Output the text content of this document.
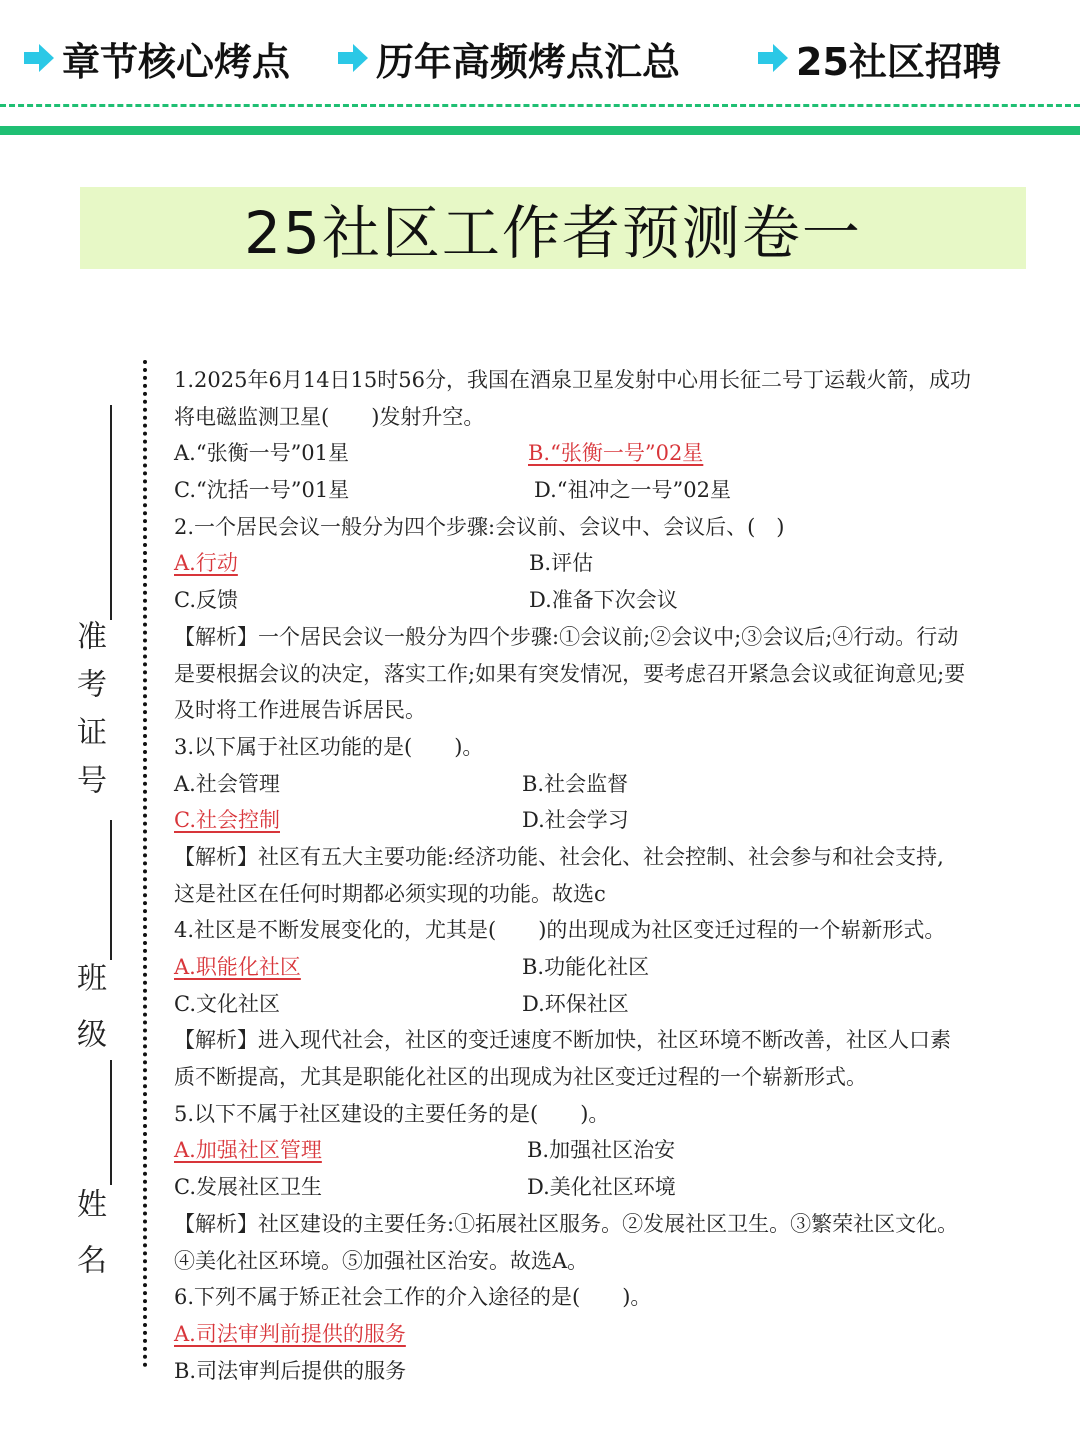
章节核心烤点 历年高频烤点汇总	25社区招聘
25社区工作者预测卷一
准考证号
班级
姓名
1.2025年6月14日15时56分，我国在酒泉卫星发射中心用长征二号丁运载火箭，成功
将电磁监测卫星(　　)发射升空。
A.“张衡一号”01星	B.“张衡一号”02星
C.“沈括一号”01星	D.“祖冲之一号”02星
2.一个居民会议一般分为四个步骤:会议前、会议中、会议后、(　)
A.行动	B.评估
C.反馈	D.准备下次会议
【解析】一个居民会议一般分为四个步骤:①会议前;②会议中;③会议后;④行动。行动
是要根据会议的决定，落实工作;如果有突发情况，要考虑召开紧急会议或征询意见;要
及时将工作进展告诉居民。
3.以下属于社区功能的是(　　)。
A.社会管理	B.社会监督
C.社会控制	D.社会学习
【解析】社区有五大主要功能:经济功能、社会化、社会控制、社会参与和社会支持,
这是社区在任何时期都必须实现的功能。故选c
4.社区是不断发展变化的，尤其是(　　)的出现成为社区变迁过程的一个崭新形式。
A.职能化社区	B.功能化社区
C.文化社区	D.环保社区
【解析】进入现代社会，社区的变迁速度不断加快，社区环境不断改善，社区人口素
质不断提高，尤其是职能化社区的出现成为社区变迁过程的一个崭新形式。
5.以下不属于社区建设的主要任务的是(　　)。
A.加强社区管理	B.加强社区治安
C.发展社区卫生	D.美化社区环境
【解析】社区建设的主要任务:①拓展社区服务。②发展社区卫生。③繁荣社区文化。
④美化社区环境。⑤加强社区治安。故选A。
6.下列不属于矫正社会工作的介入途径的是(　　)。
A.司法审判前提供的服务
B.司法审判后提供的服务
